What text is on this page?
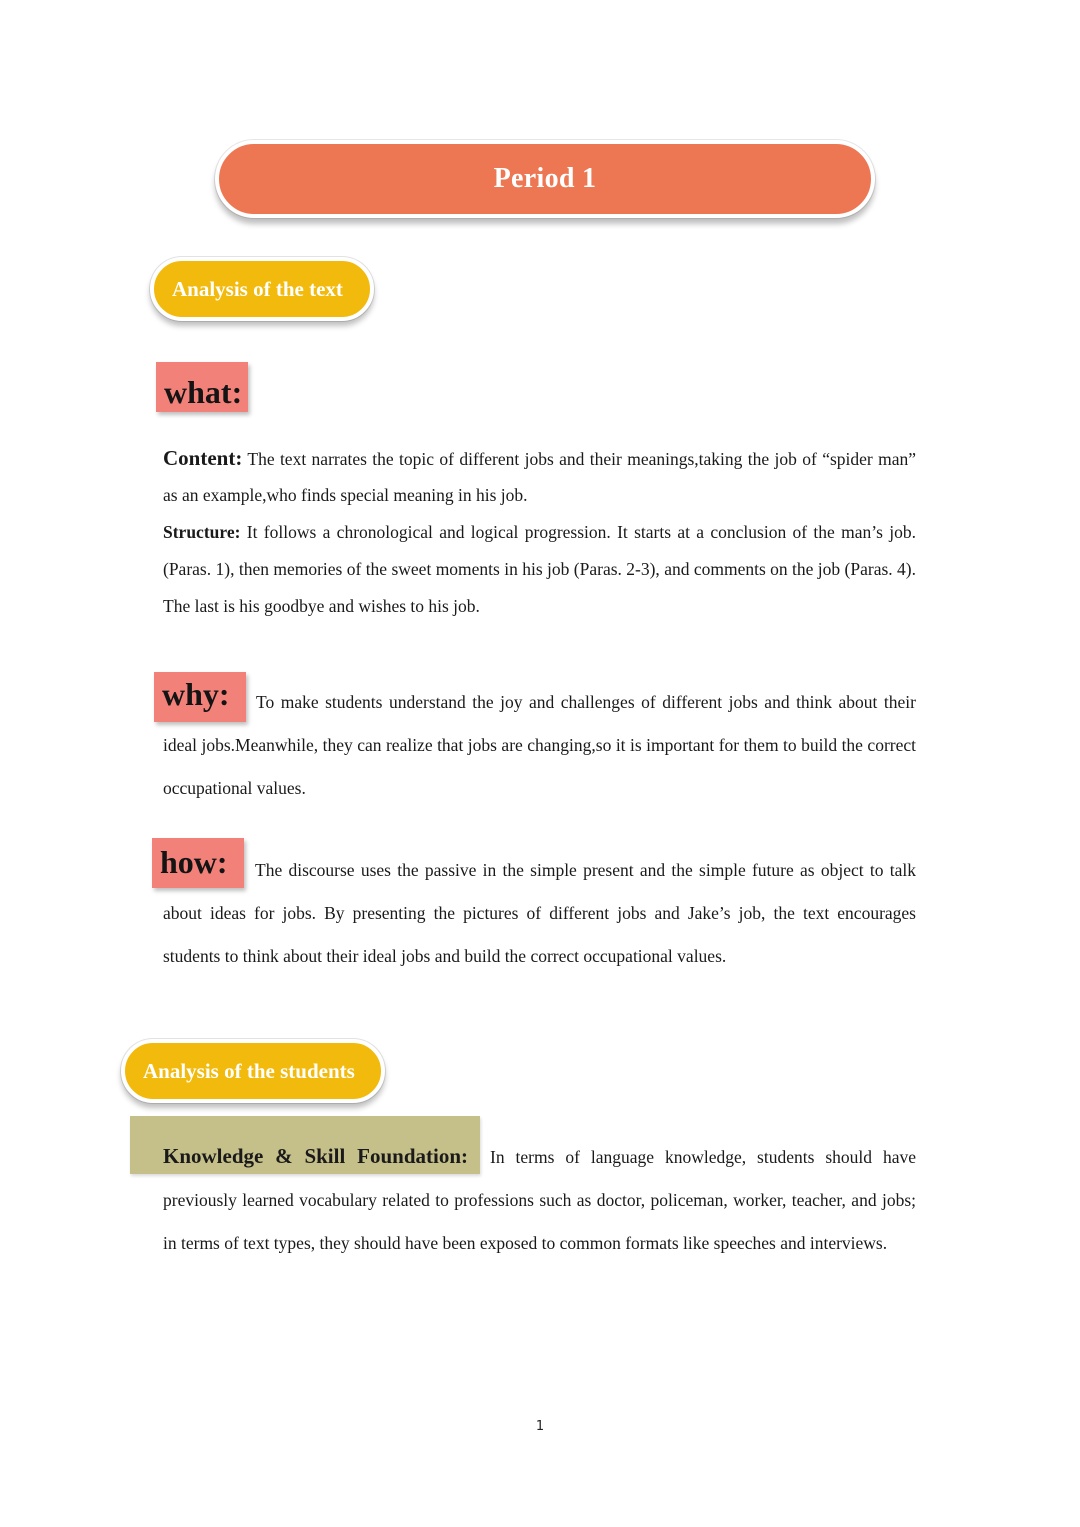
Period 1
Analysis of the text
what:

Content: The text narrates the topic of different jobs and their meanings,taking the job of “spider man” as an example,who finds special meaning in his job.

Structure: It follows a chronological and logical progression. It starts at a conclusion of the man’s job. (Paras. 1), then memories of the sweet moments in his job (Paras. 2-3), and comments on the job (Paras. 4). The last is his goodbye and wishes to his job.

why:	To make students understand the joy and challenges of different jobs and think about their ideal jobs.Meanwhile, they can realize that jobs are changing,so it is important for them to build the correct occupational values.

how:	The discourse uses the passive in the simple present and the simple future as object to talk about ideas for jobs. By presenting the pictures of different jobs and Jake’s job, the text encourages students to think about their ideal jobs and build the correct occupational values.

Analysis of the students

Knowledge & Skill Foundation: In terms of language knowledge, students should have previously learned vocabulary related to professions such as doctor, policeman, worker, teacher, and jobs; in terms of text types, they should have been exposed to common formats like speeches and interviews.

1
